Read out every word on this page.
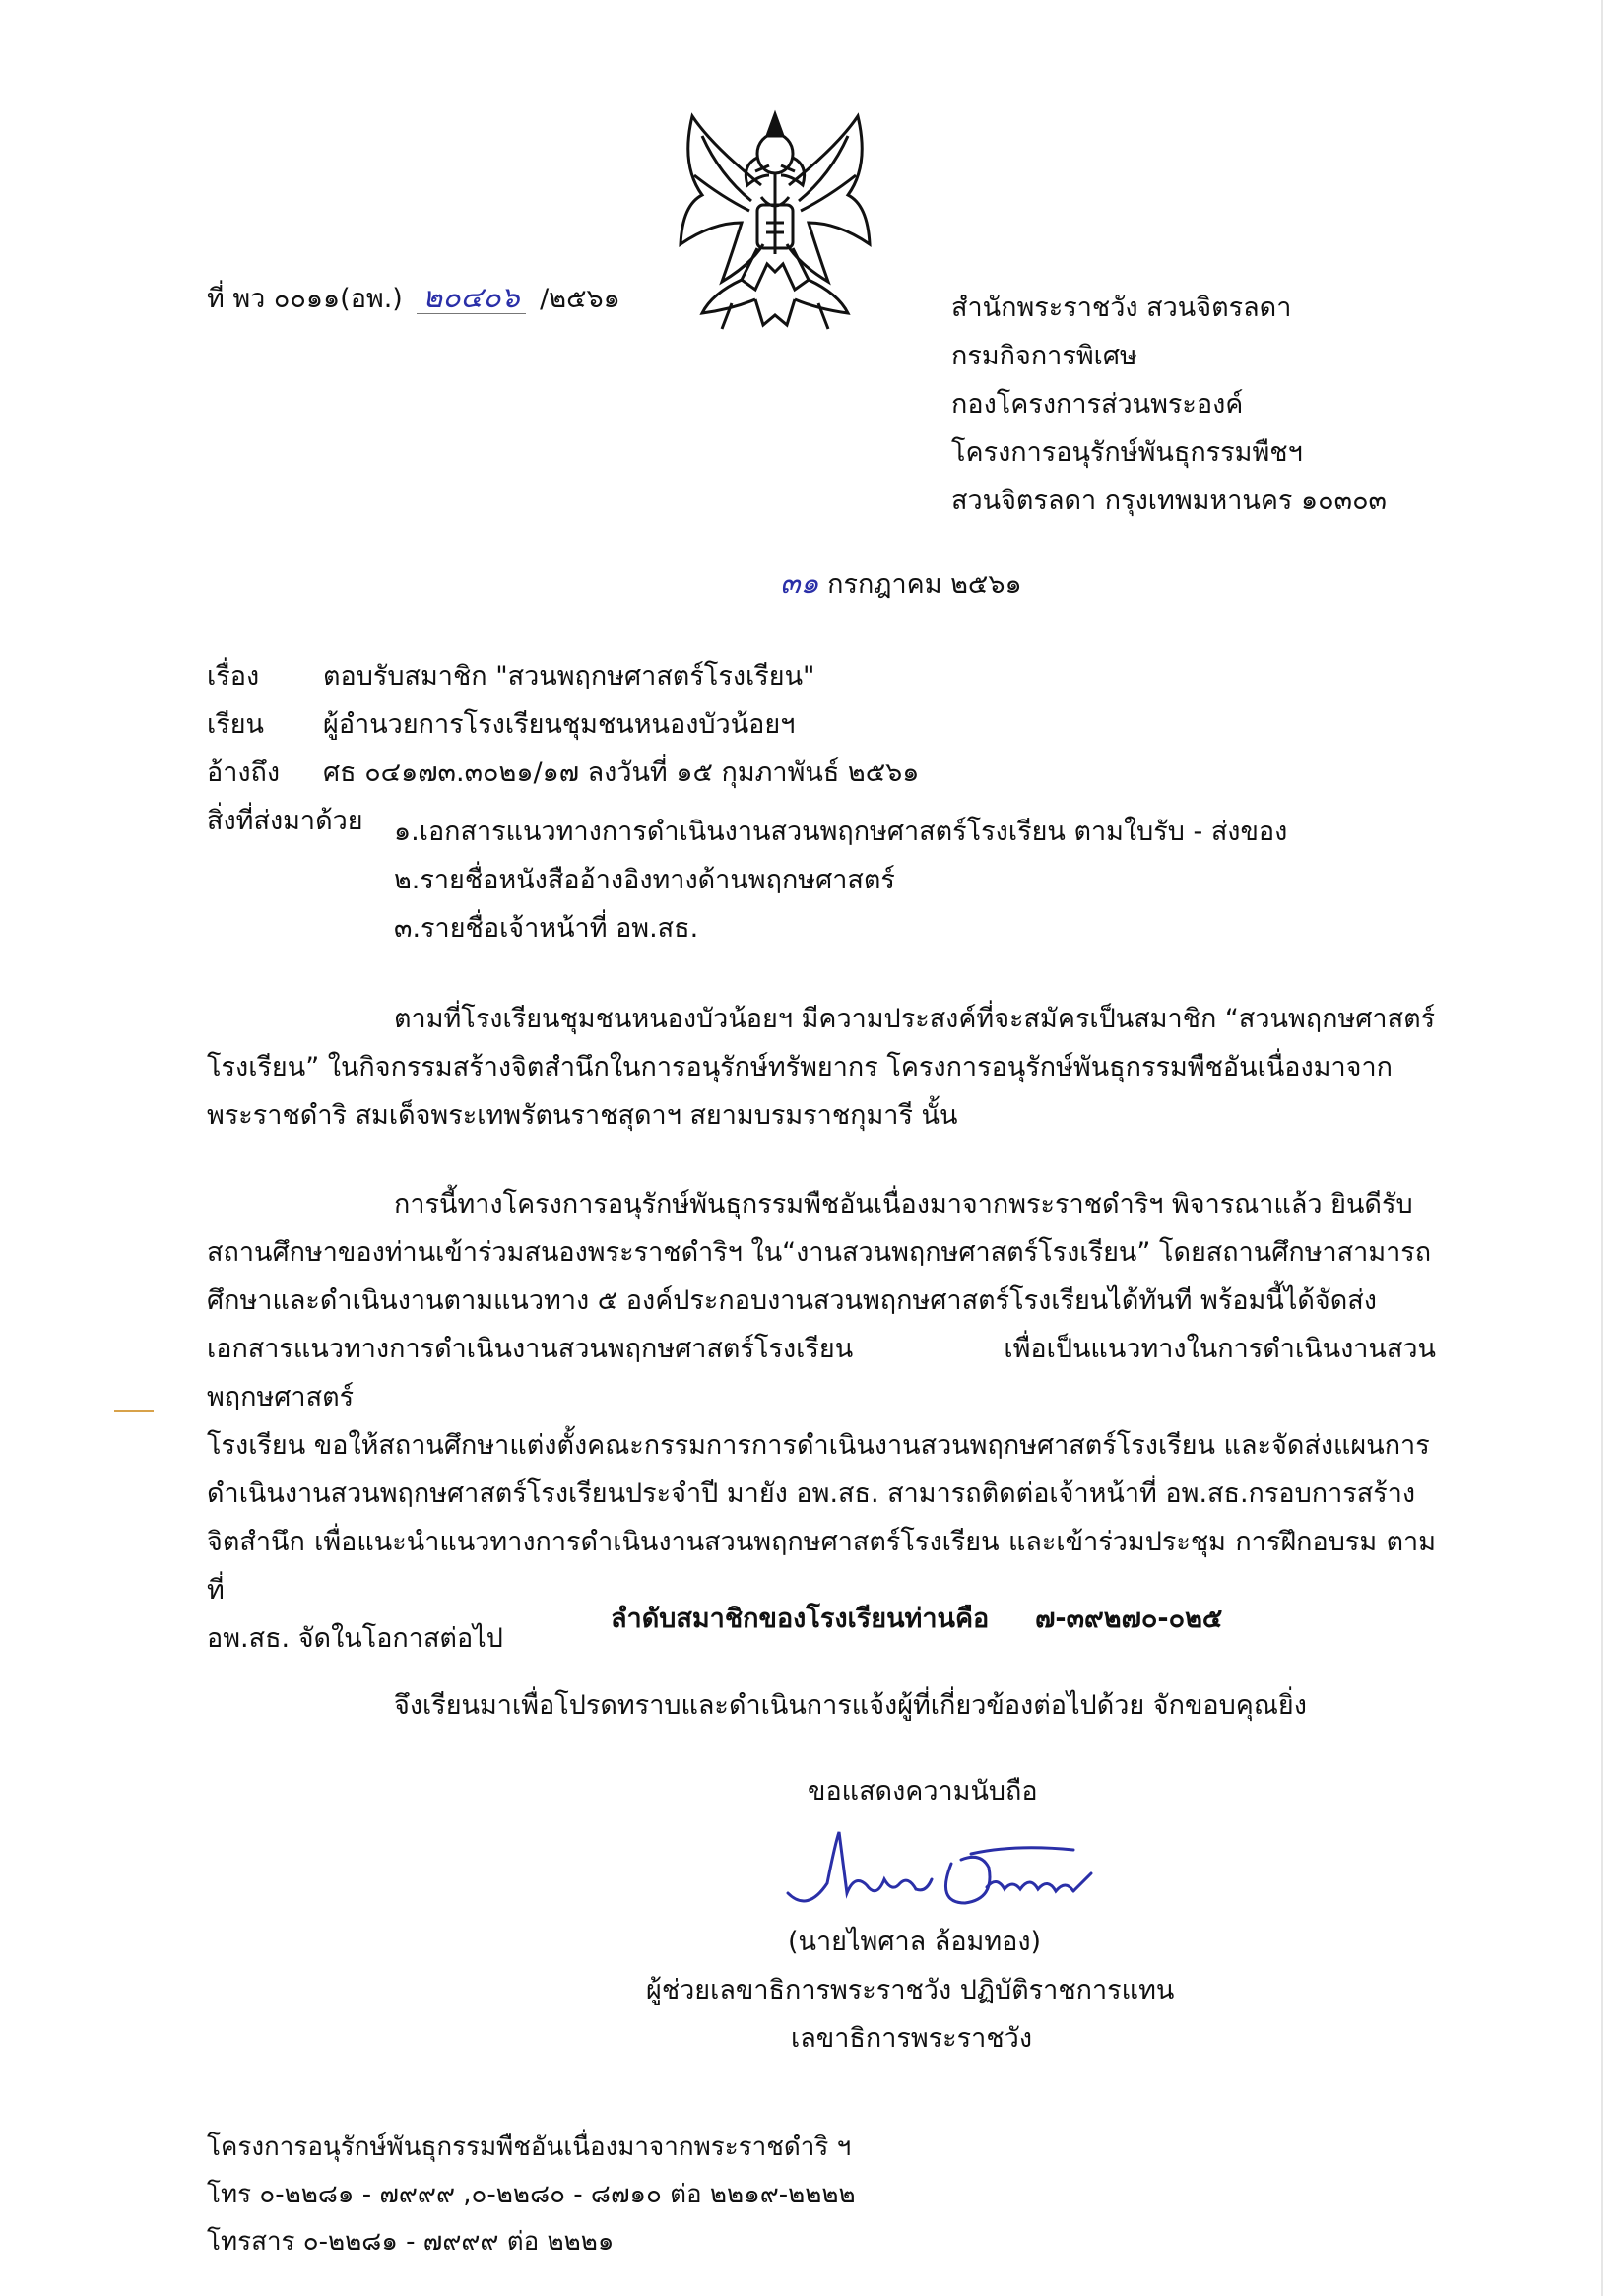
ที่ พว ๐๐๑๑(อพ.) ๒๐๔๐๖ /๒๕๖๑	สำนักพระราชวัง สวนจิตรลดา
กรมกิจการพิเศษ
กองโครงการส่วนพระองค์
โครงการอนุรักษ์พันธุกรรมพืชฯ
สวนจิตรลดา กรุงเทพมหานคร ๑๐๓๐๓
๓๑ กรกฎาคม ๒๕๖๑
เรื่อง ตอบรับสมาชิก "สวนพฤกษศาสตร์โรงเรียน"
เรียน ผู้อำนวยการโรงเรียนชุมชนหนองบัวน้อยฯ
อ้างถึง ศธ ๐๔๑๗๓.๓๐๒๑/๑๗ ลงวันที่ ๑๕ กุมภาพันธ์ ๒๕๖๑
สิ่งที่ส่งมาด้วย ๑.เอกสารแนวทางการดำเนินงานสวนพฤกษศาสตร์โรงเรียน ตามใบรับ - ส่งของ
๒.รายชื่อหนังสืออ้างอิงทางด้านพฤกษศาสตร์
๓.รายชื่อเจ้าหน้าที่ อพ.สธ.
ตามที่โรงเรียนชุมชนหนองบัวน้อยฯ มีความประสงค์ที่จะสมัครเป็นสมาชิก “สวนพฤกษศาสตร์
โรงเรียน” ในกิจกรรมสร้างจิตสำนึกในการอนุรักษ์ทรัพยากร โครงการอนุรักษ์พันธุกรรมพืชอันเนื่องมาจาก
พระราชดำริ สมเด็จพระเทพรัตนราชสุดาฯ สยามบรมราชกุมารี นั้น
การนี้ทางโครงการอนุรักษ์พันธุกรรมพืชอันเนื่องมาจากพระราชดำริฯ พิจารณาแล้ว ยินดีรับ
สถานศึกษาของท่านเข้าร่วมสนองพระราชดำริฯ ใน“งานสวนพฤกษศาสตร์โรงเรียน” โดยสถานศึกษาสามารถ
ศึกษาและดำเนินงานตามแนวทาง ๕ องค์ประกอบงานสวนพฤกษศาสตร์โรงเรียนได้ทันที พร้อมนี้ได้จัดส่ง
เอกสารแนวทางการดำเนินงานสวนพฤกษศาสตร์โรงเรียน เพื่อเป็นแนวทางในการดำเนินงานสวนพฤกษศาสตร์
โรงเรียน ขอให้สถานศึกษาแต่งตั้งคณะกรรมการการดำเนินงานสวนพฤกษศาสตร์โรงเรียน และจัดส่งแผนการ
ดำเนินงานสวนพฤกษศาสตร์โรงเรียนประจำปี มายัง อพ.สธ. สามารถติดต่อเจ้าหน้าที่ อพ.สธ.กรอบการสร้าง
จิตสำนึก เพื่อแนะนำแนวทางการดำเนินงานสวนพฤกษศาสตร์โรงเรียน และเข้าร่วมประชุม การฝึกอบรม ตามที่
อพ.สธ. จัดในโอกาสต่อไป
ลำดับสมาชิกของโรงเรียนท่านคือ ๗-๓๙๒๗๐-๐๒๕
จึงเรียนมาเพื่อโปรดทราบและดำเนินการแจ้งผู้ที่เกี่ยวข้องต่อไปด้วย จักขอบคุณยิ่ง
ขอแสดงความนับถือ
(นายไพศาล ล้อมทอง)
ผู้ช่วยเลขาธิการพระราชวัง ปฏิบัติราชการแทน
เลขาธิการพระราชวัง
โครงการอนุรักษ์พันธุกรรมพืชอันเนื่องมาจากพระราชดำริ ฯ
โทร ๐-๒๒๘๑ - ๗๙๙๙ ,๐-๒๒๘๐ - ๘๗๑๐ ต่อ ๒๒๑๙-๒๒๒๒
โทรสาร ๐-๒๒๘๑ - ๗๙๙๙ ต่อ ๒๒๒๑
